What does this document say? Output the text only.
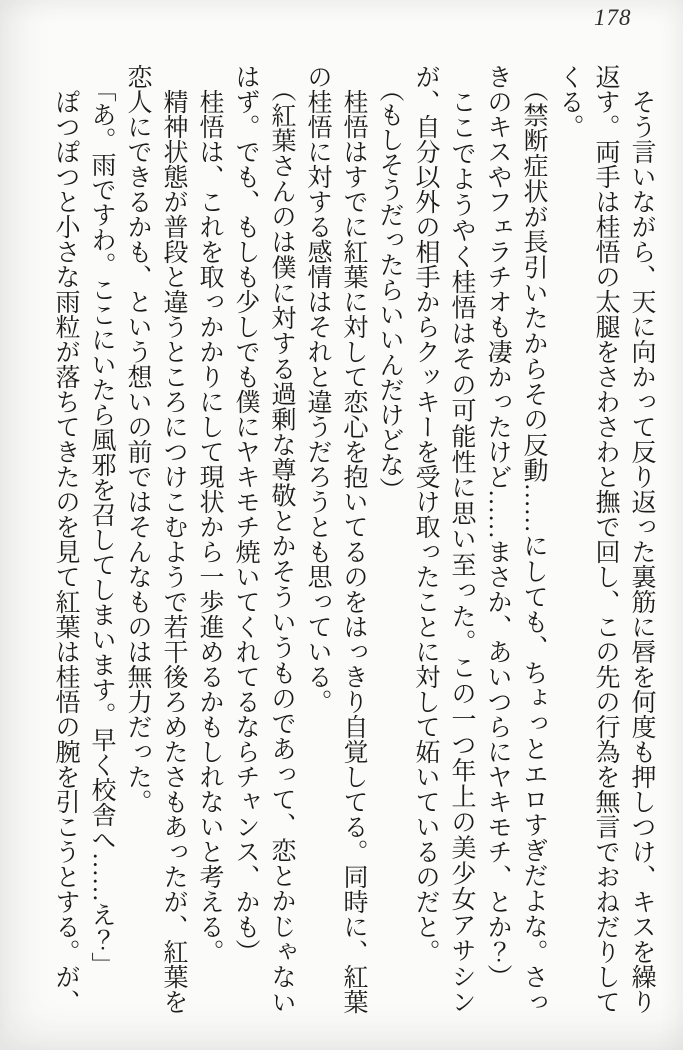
178

そう言いながら、天に向かって反り返った裏筋に唇を何度も押しつけ、キスを繰り返す。両手は桂悟の太腿をさわさわと撫で回し、この先の行為を無言でおねだりしてくる。

（禁断症状が長引いたからその反動……にしても、ちょっとエロすぎだよな。さっきのキスやフェラチオも凄かったけど……まさか、あいつらにヤキモチ、とか？）

ここでようやく桂悟はその可能性に思い至った。この一つ年上の美少女アサシンが、自分以外の相手からクッキーを受け取ったことに対して妬いているのだと。

（もしそうだったらいいんだけどな）

桂悟はすでに紅葉に対して恋心を抱いてるのをはっきり自覚してる。同時に、紅葉の桂悟に対する感情はそれと違うだろうとも思っている。

（紅葉さんのは僕に対する過剰な尊敬とかそういうものであって、恋とかじゃないはず。でも、もしも少しでも僕にヤキモチ焼いてくれてるならチャンス、かも）

桂悟は、これを取っかかりにして現状から一歩進めるかもしれないと考える。

精神状態が普段と違うところにつけこむようで若干後ろめたさもあったが、紅葉を恋人にできるかも、という想いの前ではそんなものは無力だった。

「あ。雨ですわ。ここにいたら風邪を召してしまいます。早く校舎へ……え？」

ぽつぽつと小さな雨粒が落ちてきたのを見て紅葉は桂悟の腕を引こうとする。が、
